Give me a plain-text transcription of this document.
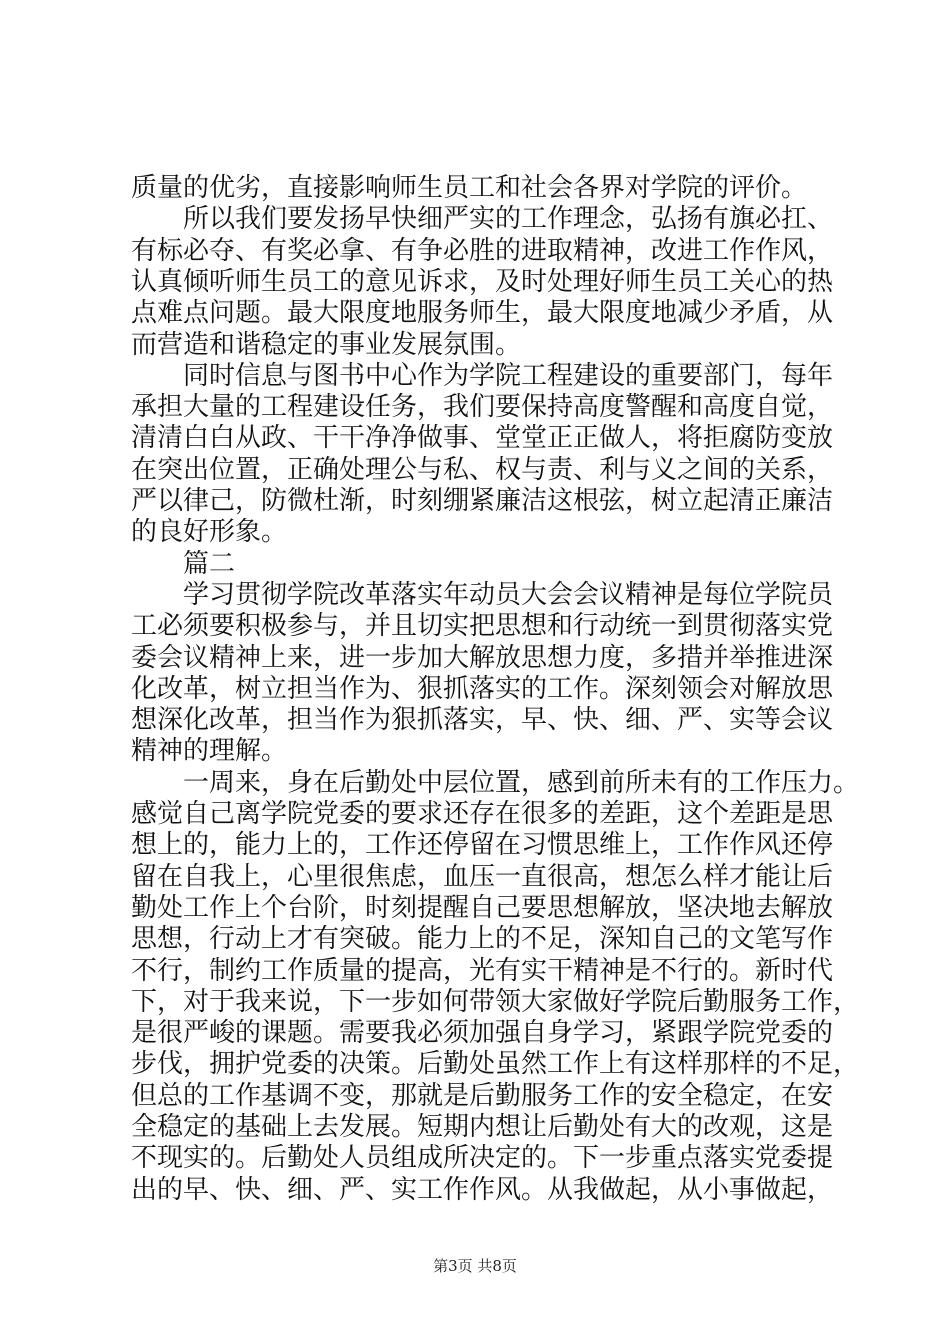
质量的优劣，直接影响师生员工和社会各界对学院的评价。
所以我们要发扬早快细严实的工作理念，弘扬有旗必扛、
有标必夺、有奖必拿、有争必胜的进取精神，改进工作作风，
认真倾听师生员工的意见诉求，及时处理好师生员工关心的热
点难点问题。最大限度地服务师生，最大限度地减少矛盾，从
而营造和谐稳定的事业发展氛围。
同时信息与图书中心作为学院工程建设的重要部门，每年
承担大量的工程建设任务，我们要保持高度警醒和高度自觉，
清清白白从政、干干净净做事、堂堂正正做人，将拒腐防变放
在突出位置，正确处理公与私、权与责、利与义之间的关系，
严以律己，防微杜渐，时刻绷紧廉洁这根弦，树立起清正廉洁
的良好形象。
篇二
学习贯彻学院改革落实年动员大会会议精神是每位学院员
工必须要积极参与，并且切实把思想和行动统一到贯彻落实党
委会议精神上来，进一步加大解放思想力度，多措并举推进深
化改革，树立担当作为、狠抓落实的工作。深刻领会对解放思
想深化改革，担当作为狠抓落实，早、快、细、严、实等会议
精神的理解。
一周来，身在后勤处中层位置，感到前所未有的工作压力。
感觉自己离学院党委的要求还存在很多的差距，这个差距是思
想上的，能力上的，工作还停留在习惯思维上，工作作风还停
留在自我上，心里很焦虑，血压一直很高，想怎么样才能让后
勤处工作上个台阶，时刻提醒自己要思想解放，坚决地去解放
思想，行动上才有突破。能力上的不足，深知自己的文笔写作
不行，制约工作质量的提高，光有实干精神是不行的。新时代
下，对于我来说，下一步如何带领大家做好学院后勤服务工作，
是很严峻的课题。需要我必须加强自身学习，紧跟学院党委的
步伐，拥护党委的决策。后勤处虽然工作上有这样那样的不足，
但总的工作基调不变，那就是后勤服务工作的安全稳定，在安
全稳定的基础上去发展。短期内想让后勤处有大的改观，这是
不现实的。后勤处人员组成所决定的。下一步重点落实党委提
出的早、快、细、严、实工作作风。从我做起，从小事做起，
第3页 共8页
